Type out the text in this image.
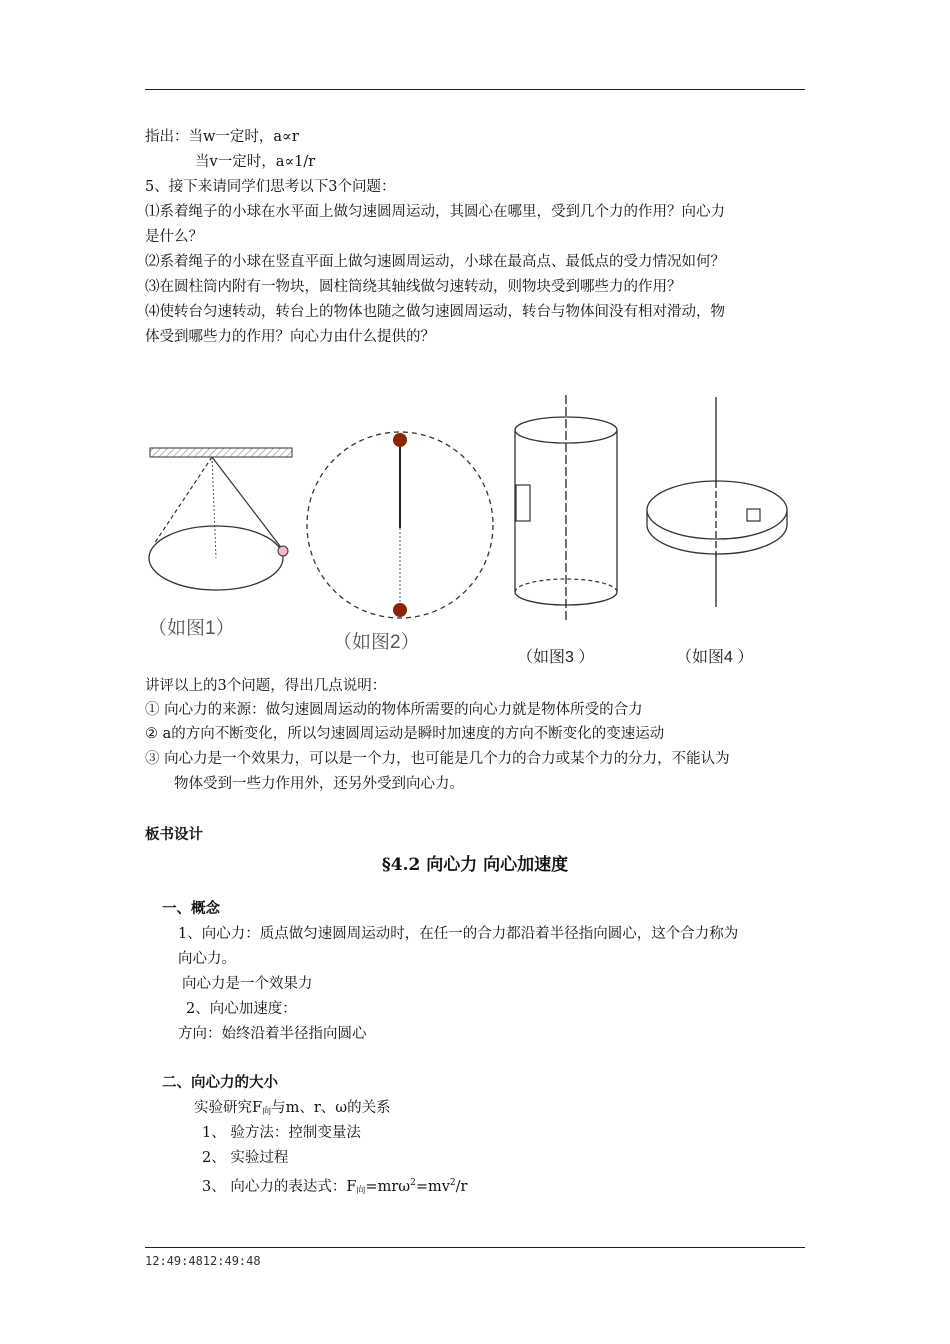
指出：当w一定时，a∝r
当v一定时，a∝1/r
5、接下来请同学们思考以下3个问题：
⑴系着绳子的小球在水平面上做匀速圆周运动，其圆心在哪里，受到几个力的作用？向心力
是什么？
⑵系着绳子的小球在竖直平面上做匀速圆周运动，小球在最高点、最低点的受力情况如何？
⑶在圆柱筒内附有一物块，圆柱筒绕其轴线做匀速转动，则物块受到哪些力的作用？
⑷使转台匀速转动，转台上的物体也随之做匀速圆周运动，转台与物体间没有相对滑动，物
体受到哪些力的作用？向心力由什么提供的？
（如图1）
（如图2）
（如图3 ）	（如图4 ）
讲评以上的3个问题，得出几点说明：
① 向心力的来源：做匀速圆周运动的物体所需要的向心力就是物体所受的合力
② a的方向不断变化，所以匀速圆周运动是瞬时加速度的方向不断变化的变速运动
③ 向心力是一个效果力，可以是一个力，也可能是几个力的合力或某个力的分力，不能认为
物体受到一些力作用外，还另外受到向心力。
板书设计
§4.2 向心力 向心加速度
一、概念
1、向心力：质点做匀速圆周运动时，在任一的合力都沿着半径指向圆心，这个合力称为
向心力。
向心力是一个效果力
2、向心加速度：
方向：始终沿着半径指向圆心
二、向心力的大小
实验研究$F_向$与m、r、ω的关系
1、 验方法：控制变量法
2、 实验过程
3、 向心力的表达式：$F_向=mr\omega^2=mv^2/r$
12:49:4812:49:48
